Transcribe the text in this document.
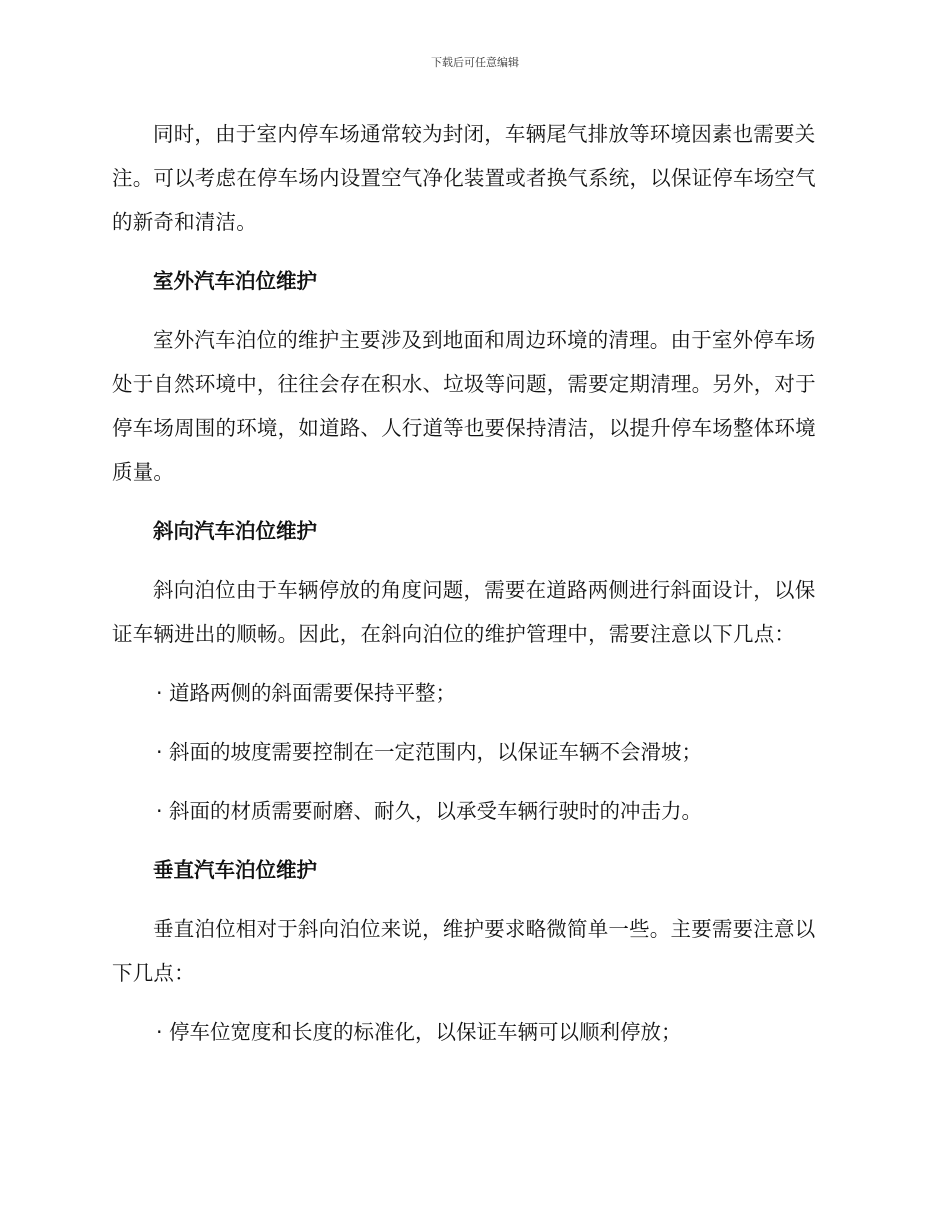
下载后可任意编辑

同时，由于室内停车场通常较为封闭，车辆尾气排放等环境因素也需要关注。可以考虑在停车场内设置空气净化装置或者换气系统，以保证停车场空气的新奇和清洁。

室外汽车泊位维护

室外汽车泊位的维护主要涉及到地面和周边环境的清理。由于室外停车场处于自然环境中，往往会存在积水、垃圾等问题，需要定期清理。另外，对于停车场周围的环境，如道路、人行道等也要保持清洁，以提升停车场整体环境质量。

斜向汽车泊位维护

斜向泊位由于车辆停放的角度问题，需要在道路两侧进行斜面设计，以保证车辆进出的顺畅。因此，在斜向泊位的维护管理中，需要注意以下几点：

· 道路两侧的斜面需要保持平整；

· 斜面的坡度需要控制在一定范围内，以保证车辆不会滑坡；

· 斜面的材质需要耐磨、耐久，以承受车辆行驶时的冲击力。

垂直汽车泊位维护

垂直泊位相对于斜向泊位来说，维护要求略微简单一些。主要需要注意以下几点：

· 停车位宽度和长度的标准化，以保证车辆可以顺利停放；
